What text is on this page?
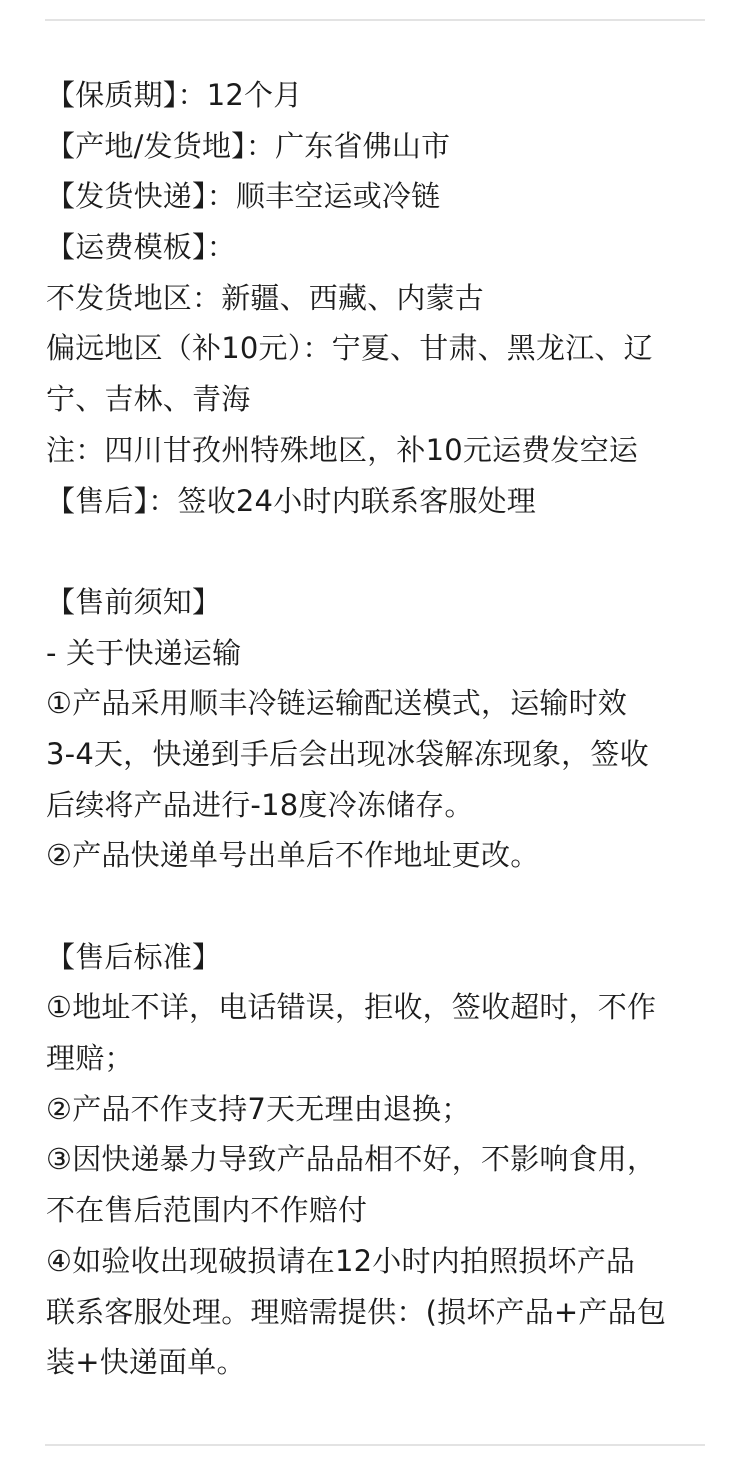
【保质期】：12个月
【产地/发货地】：广东省佛山市
【发货快递】：顺丰空运或冷链
【运费模板】：
不发货地区：新疆、西藏、内蒙古
偏远地区（补10元）：宁夏、甘肃、黑龙江、辽
宁、吉林、青海
注：四川甘孜州特殊地区，补10元运费发空运
【售后】：签收24小时内联系客服处理
【售前须知】
- 关于快递运输
①产品采用顺丰冷链运输配送模式，运输时效
3-4天，快递到手后会出现冰袋解冻现象，签收
后续将产品进行-18度冷冻储存。
②产品快递单号出单后不作地址更改。
【售后标准】
①地址不详，电话错误，拒收，签收超时，不作
理赔；
②产品不作支持7天无理由退换；
③因快递暴力导致产品品相不好，不影响食用，
不在售后范围内不作赔付
④如验收出现破损请在12小时内拍照损坏产品
联系客服处理。理赔需提供：(损坏产品+产品包
装+快递面单。
